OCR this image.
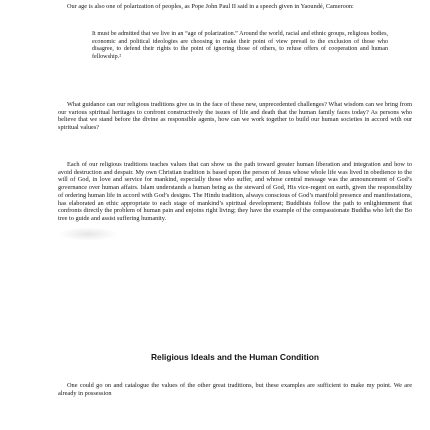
Our age is also one of polarization of peoples, as Pope John Paul II said in a speech given in Yaoundé, Cameroon:

It must be admitted that we live in an “age of polarization.” Around the world, racial and ethnic groups, religious bodies, economic and political ideologies are choosing to make their point of view prevail to the exclusion of those who disagree, to defend their rights to the point of ignoring those of others, to refuse offers of cooperation and human fellowship.²

What guidance can our religious traditions give us in the face of these new, unprecedented challenges? What wisdom can we bring from our various spiritual heritages to confront constructively the issues of life and death that the human family faces today? As persons who believe that we stand before the divine as responsible agents, how can we work together to build our human societies in accord with our spiritual values?

Each of our religious traditions teaches values that can show us the path toward greater human liberation and integration and how to avoid destruction and despair. My own Christian tradition is based upon the person of Jesus whose whole life was lived in obedience to the will of God, in love and service for mankind, especially those who suffer, and whose central message was the announcement of God’s governance over human affairs. Islam understands a human being as the steward of God, His vice-regent on earth, given the responsibility of ordering human life in accord with God’s designs. The Hindu tradition, always conscious of God’s manifold presence and manifestations, has elaborated an ethic appropriate to each stage of mankind’s spiritual development; Buddhists follow the path to enlightenment that confronts directly the problem of human pain and enjoins right living; they have the example of the compassionate Buddha who left the Bo tree to guide and assist suffering humanity.

Religious Ideals and the Human Condition

One could go on and catalogue the values of the other great traditions, but these examples are sufficient to make my point. We are already in possession
